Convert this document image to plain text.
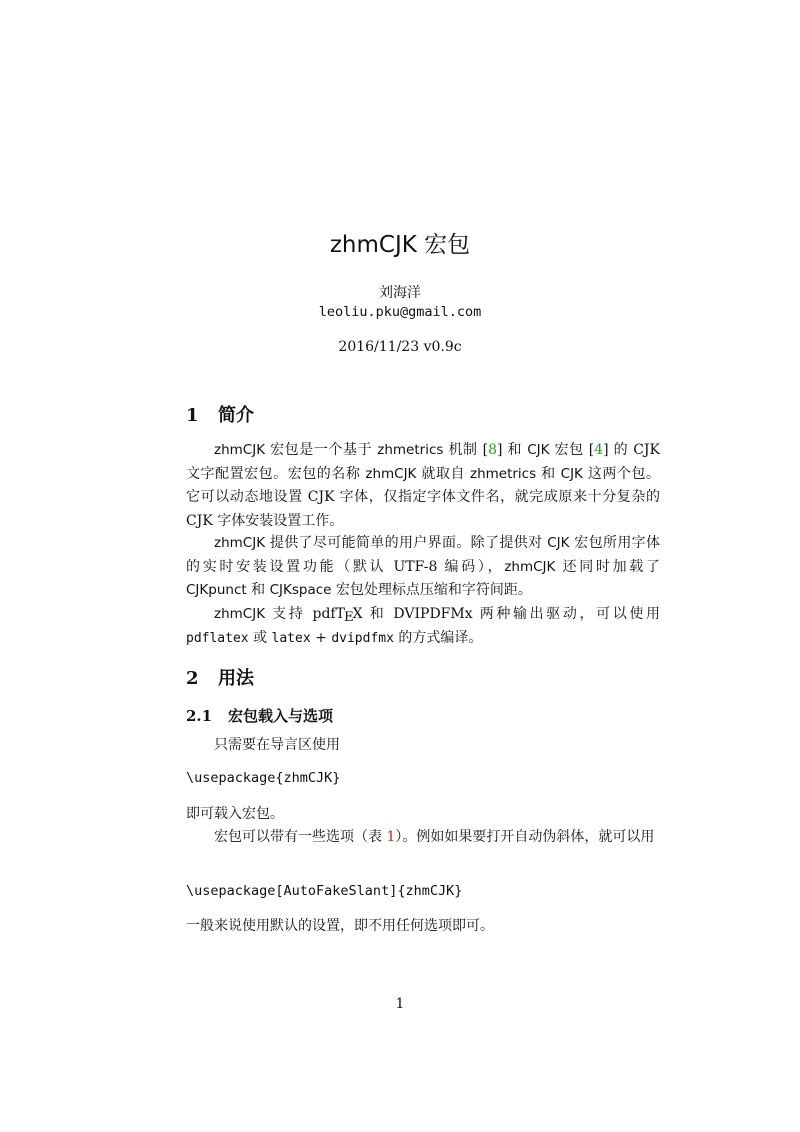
zhmCJK 宏包
刘海洋
leoliu.pku@gmail.com
2016/11/23 v0.9c
1 简介

zhmCJK 宏包是一个基于 zhmetrics 机制 [8] 和 CJK 宏包 [4] 的 CJK 文字配置宏包。宏包的名称 zhmCJK 就取自 zhmetrics 和 CJK 这两个包。它可以动态地设置 CJK 字体，仅指定字体文件名，就完成原来十分复杂的 CJK 字体安装设置工作。

zhmCJK 提供了尽可能简单的用户界面。除了提供对 CJK 宏包所用字体的实时安装设置功能（默认 UTF-8 编码），zhmCJK 还同时加载了 CJKpunct 和 CJKspace 宏包处理标点压缩和字符间距。

zhmCJK 支持 pdfTEX 和 DVIPDFMx 两种输出驱动，可以使用 pdflatex 或 latex + dvipdfmx 的方式编译。

2 用法
2.1 宏包载入与选项

只需要在导言区使用

\usepackage{zhmCJK}

即可载入宏包。

宏包可以带有一些选项（表 1）。例如如果要打开自动伪斜体，就可以用

\usepackage[AutoFakeSlant]{zhmCJK}

一般来说使用默认的设置，即不用任何选项即可。

1
